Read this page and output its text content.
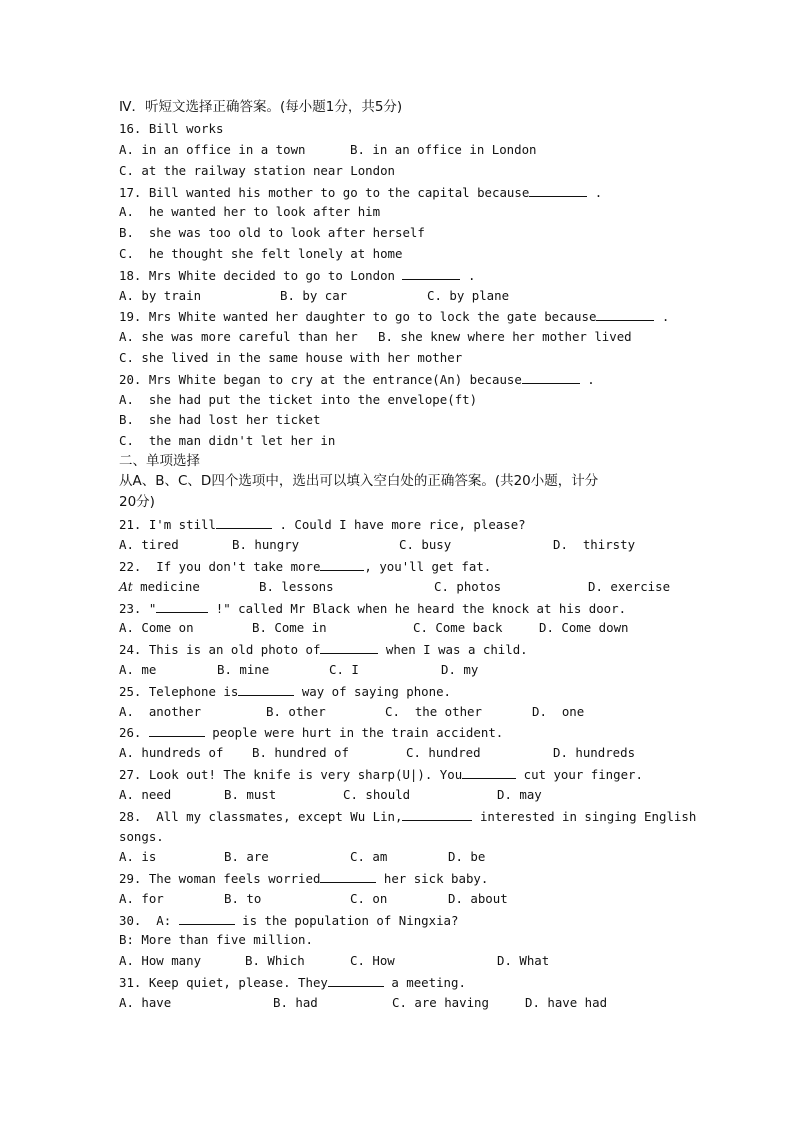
Ⅳ．听短文选择正确答案。(每小题1分，共5分)
16. Bill works
A. in an office in a town	B. in an office in London
C. at the railway station near London
17. Bill wanted his mother to go to the capital because	.
A.  he wanted her to look after him
B.  she was too old to look after herself
C.  he thought she felt lonely at home
18. Mrs White decided to go to London	.
A. by train	B. by car	C. by plane
19. Mrs White wanted her daughter to go to lock the gate because	.
A. she was more careful than her B. she knew where her mother lived
C. she lived in the same house with her mother
20. Mrs White began to cry at the entrance(An) because	.
A.  she had put the ticket into the envelope(ft)
B.  she had lost her ticket
C.  the man didn't let her in
二、单项选择
从A、B、C、D四个选项中，选出可以填入空白处的正确答案。(共20小题，计分
20分)
21. I'm still	. Could I have more rice, please?
A. tired	B. hungry	C. busy	D.  thirsty
22.  If you don't take more	, you'll get fat.
At medicine	B. lessons	C. photos	D. exercise
23. "	!" called Mr Black when he heard the knock at his door.
A. Come on	B. Come in	C. Come back	D. Come down
24. This is an old photo of	when I was a child.
A. me	B. mine	C. I	D. my
25. Telephone is	way of saying phone.
A.  another	B. other	C.  the other	D.  one
26.	people were hurt in the train accident.
A. hundreds of B. hundred of	C. hundred	D. hundreds
27. Look out! The knife is very sharp(U|). You	cut your finger.
A. need	B. must	C. should	D. may
28.  All my classmates, except Wu Lin,	interested in singing English
songs.
A. is	B. are	C. am	D. be
29. The woman feels worried	her sick baby.
A. for	B. to	C. on	D. about
30.  A:	is the population of Ningxia?
B: More than five million.
A. How many	B. Which	C. How	D. What
31. Keep quiet, please. They	a meeting.
A. have	B. had	C. are having	D. have had
